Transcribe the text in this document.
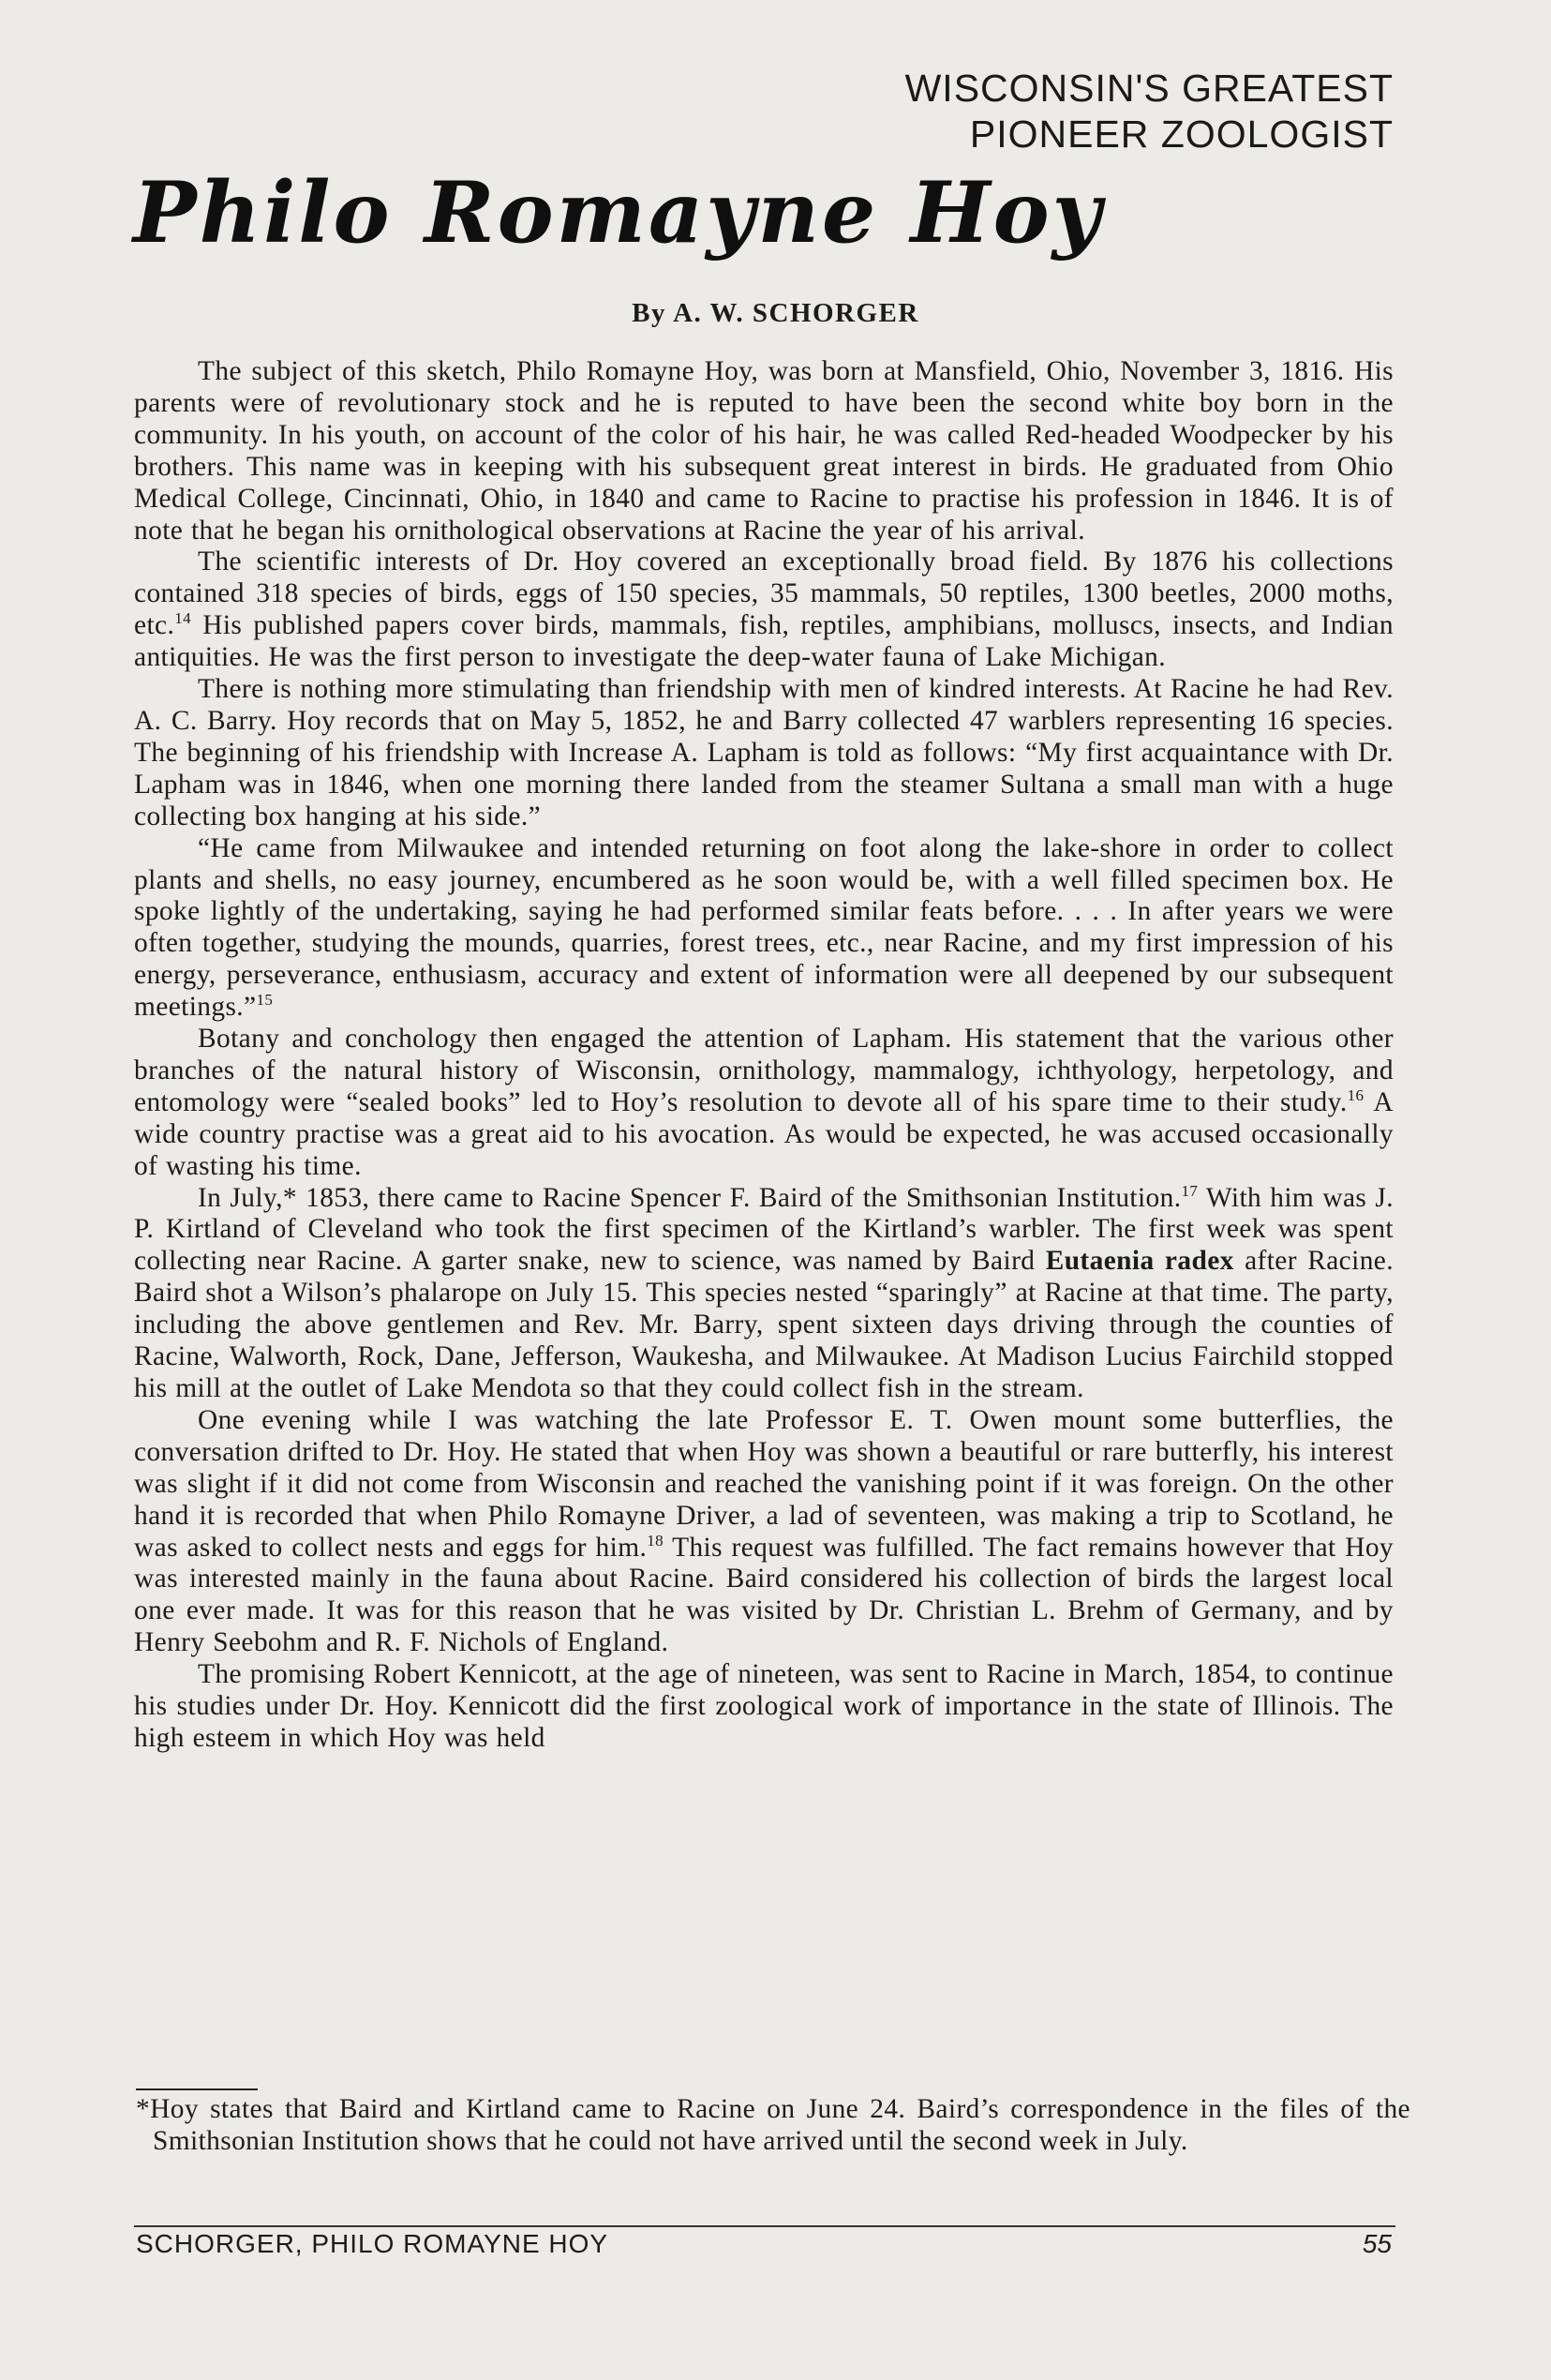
WISCONSIN'S GREATEST
PIONEER ZOOLOGIST
Philo Romayne Hoy
By A. W. SCHORGER

The subject of this sketch, Philo Romayne Hoy, was born at Mansfield, Ohio, November 3, 1816. His parents were of revolutionary stock and he is reputed to have been the second white boy born in the community. In his youth, on account of the color of his hair, he was called Red-headed Woodpecker by his brothers. This name was in keeping with his subsequent great interest in birds. He graduated from Ohio Medical College, Cincinnati, Ohio, in 1840 and came to Racine to practise his profession in 1846. It is of note that he began his ornithological observations at Racine the year of his arrival.

The scientific interests of Dr. Hoy covered an exceptionally broad field. By 1876 his collections contained 318 species of birds, eggs of 150 species, 35 mammals, 50 reptiles, 1300 beetles, 2000 moths, etc.$^{14}$ His published papers cover birds, mammals, fish, reptiles, amphibians, molluscs, insects, and Indian antiquities. He was the first person to investigate the deep-water fauna of Lake Michigan.

There is nothing more stimulating than friendship with men of kindred interests. At Racine he had Rev. A. C. Barry. Hoy records that on May 5, 1852, he and Barry collected 47 warblers representing 16 species. The beginning of his friendship with Increase A. Lapham is told as follows: “My first acquaintance with Dr. Lapham was in 1846, when one morning there landed from the steamer Sultana a small man with a huge collecting box hanging at his side.”

“He came from Milwaukee and intended returning on foot along the lake-shore in order to collect plants and shells, no easy journey, encumbered as he soon would be, with a well filled specimen box. He spoke lightly of the undertaking, saying he had performed similar feats before. . . . In after years we were often together, studying the mounds, quarries, forest trees, etc., near Racine, and my first impression of his energy, perseverance, enthusiasm, accuracy and extent of information were all deepened by our subsequent meetings.”$^{15}$

Botany and conchology then engaged the attention of Lapham. His statement that the various other branches of the natural history of Wisconsin, ornithology, mammalogy, ichthyology, herpetology, and entomology were “sealed books” led to Hoy’s resolution to devote all of his spare time to their study.$^{16}$ A wide country practise was a great aid to his avocation. As would be expected, he was accused occasionally of wasting his time.

In July,* 1853, there came to Racine Spencer F. Baird of the Smithsonian Institution.$^{17}$ With him was J. P. Kirtland of Cleveland who took the first specimen of the Kirtland’s warbler. The first week was spent collecting near Racine. A garter snake, new to science, was named by Baird Eutaenia radex after Racine. Baird shot a Wilson’s phalarope on July 15. This species nested “sparingly” at Racine at that time. The party, including the above gentlemen and Rev. Mr. Barry, spent sixteen days driving through the counties of Racine, Walworth, Rock, Dane, Jefferson, Waukesha, and Milwaukee. At Madison Lucius Fairchild stopped his mill at the outlet of Lake Mendota so that they could collect fish in the stream.

One evening while I was watching the late Professor E. T. Owen mount some butterflies, the conversation drifted to Dr. Hoy. He stated that when Hoy was shown a beautiful or rare butterfly, his interest was slight if it did not come from Wisconsin and reached the vanishing point if it was foreign. On the other hand it is recorded that when Philo Romayne Driver, a lad of seventeen, was making a trip to Scotland, he was asked to collect nests and eggs for him.$^{18}$ This request was fulfilled. The fact remains however that Hoy was interested mainly in the fauna about Racine. Baird considered his collection of birds the largest local one ever made. It was for this reason that he was visited by Dr. Christian L. Brehm of Germany, and by Henry Seebohm and R. F. Nichols of England.

The promising Robert Kennicott, at the age of nineteen, was sent to Racine in March, 1854, to continue his studies under Dr. Hoy. Kennicott did the first zoological work of importance in the state of Illinois. The high esteem in which Hoy was held

*Hoy states that Baird and Kirtland came to Racine on June 24. Baird’s correspondence in the files of the Smithsonian Institution shows that he could not have arrived until the second week in July.
SCHORGER, PHILO ROMAYNE HOY	55
